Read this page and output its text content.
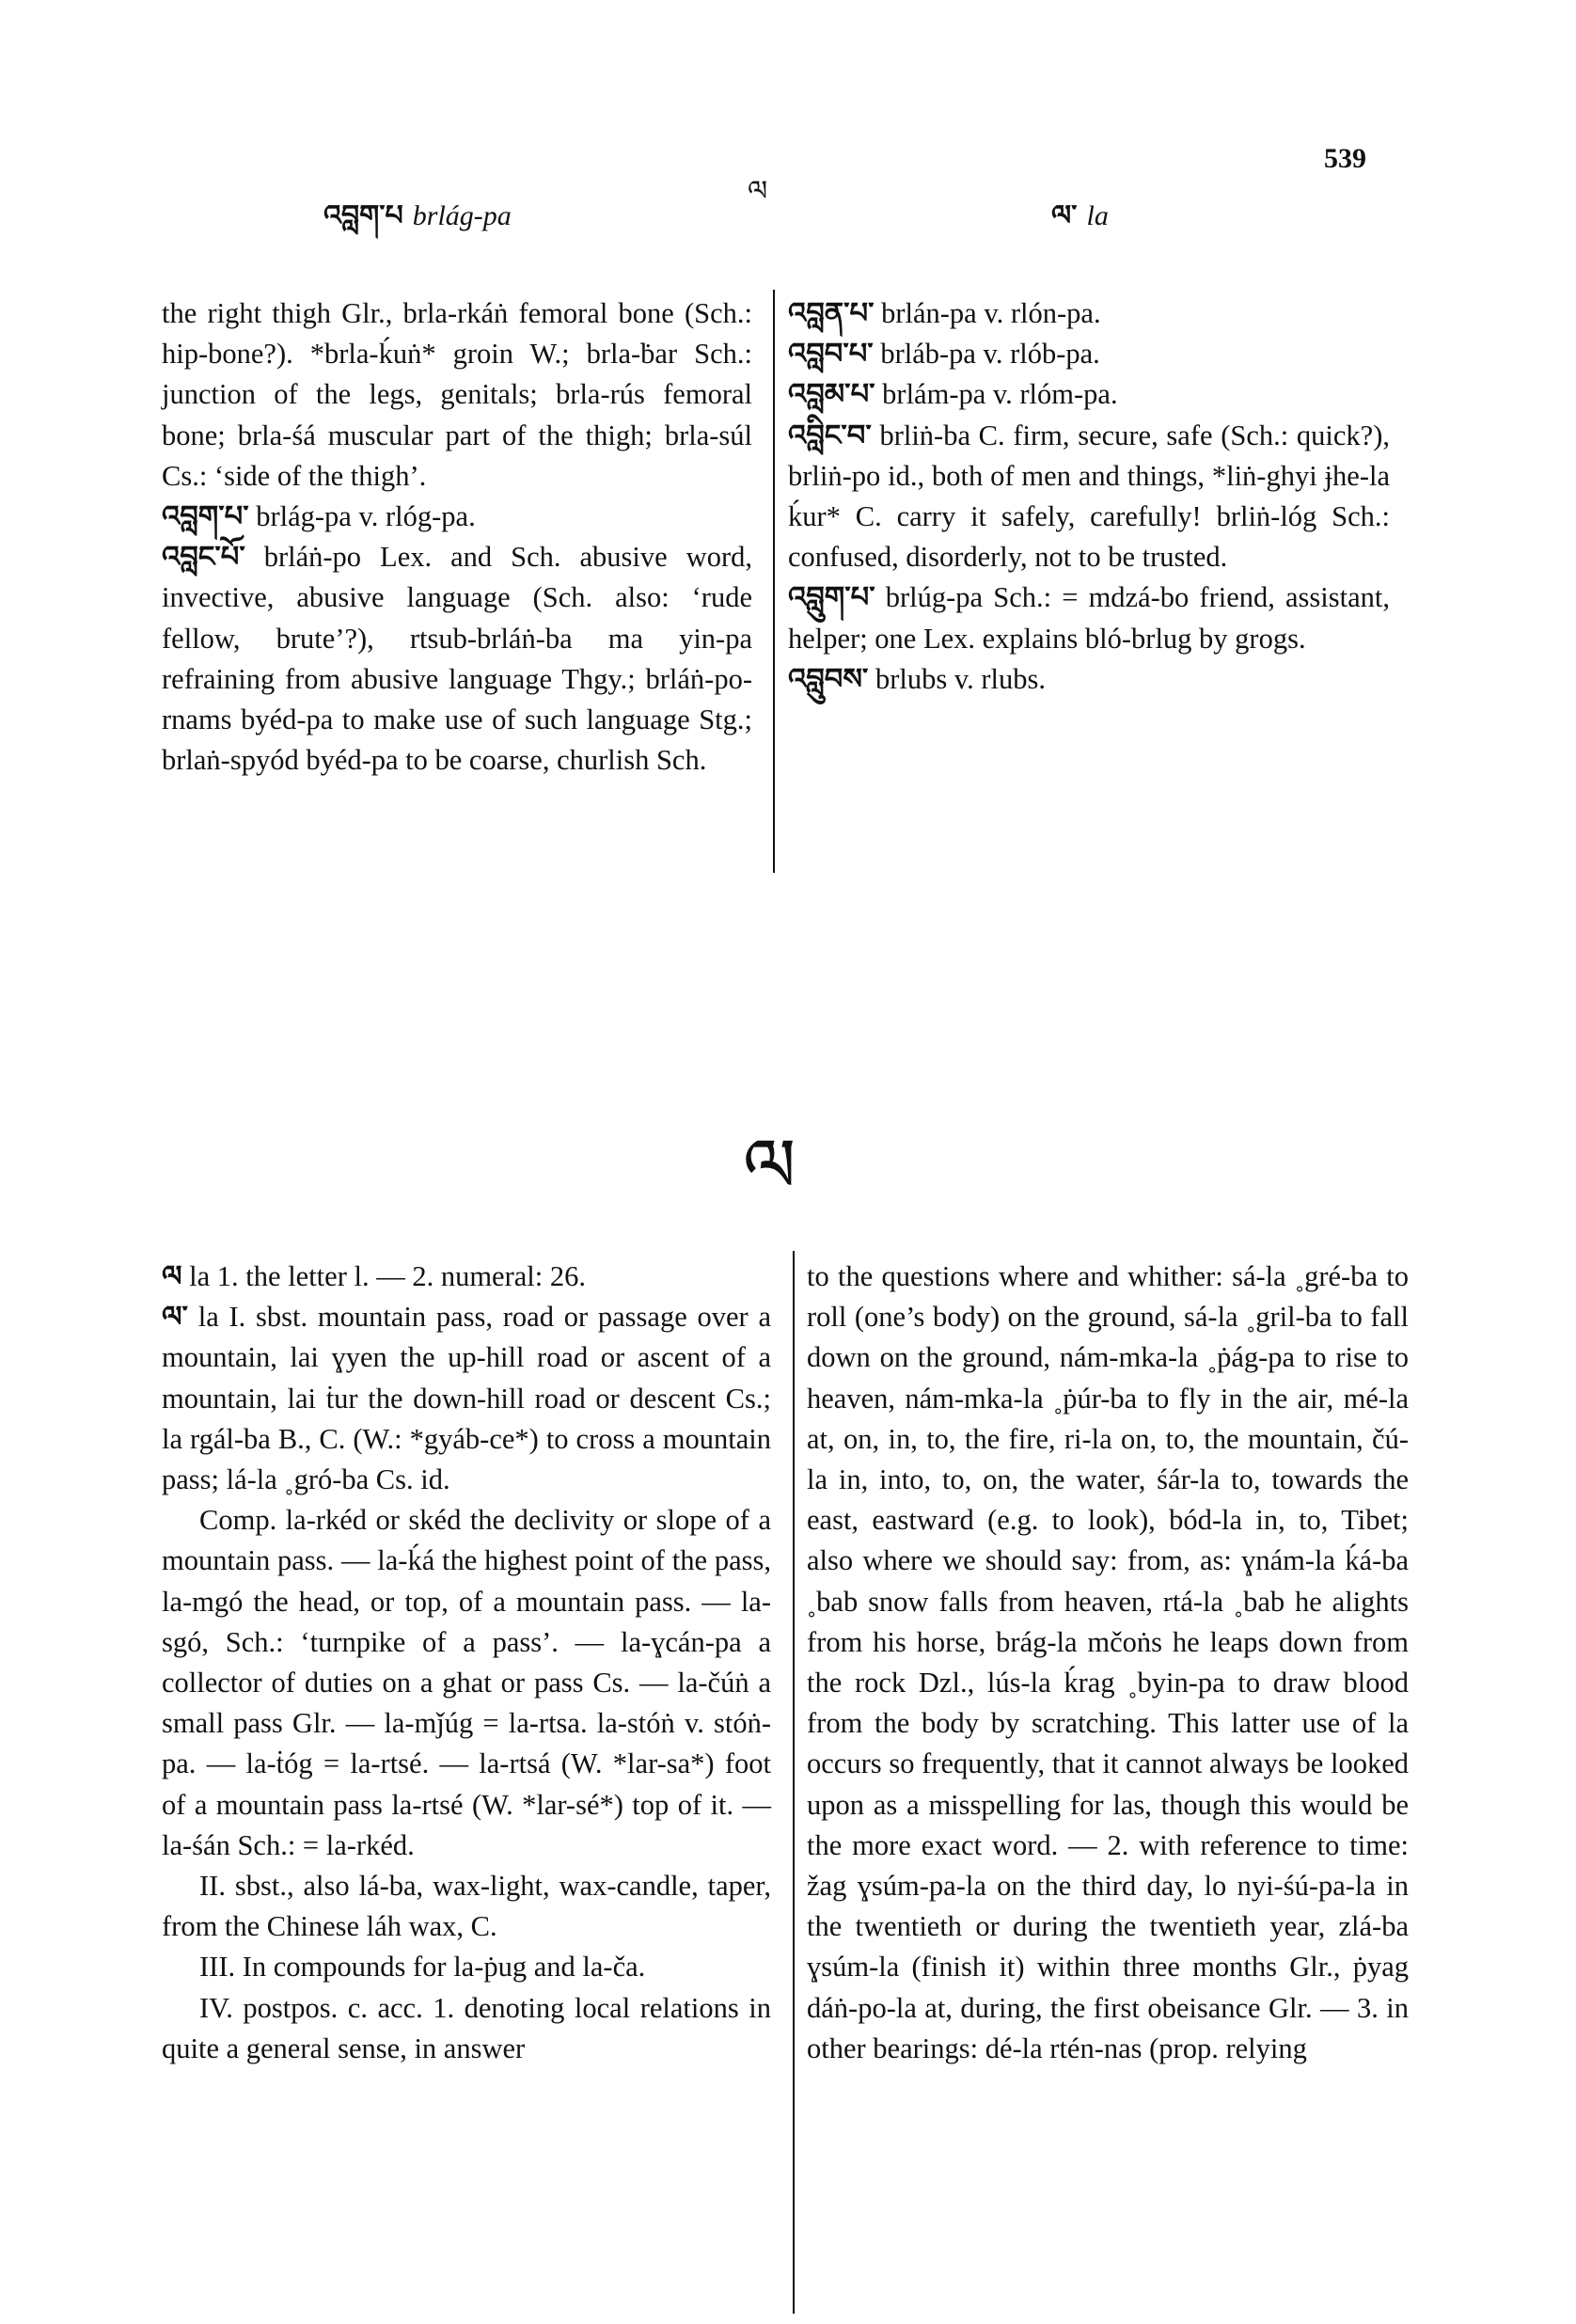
འབླག་པ brlág-pa
ལ
ལ་ la
539

the right thigh Glr., brla-rkáṅ femoral bone (Sch.: hip-bone?). *brla-ḱuṅ* groin W.; brla-ḃar Sch.: junction of the legs, genitals; brla-rús femoral bone; brla-śá muscular part of the thigh; brla-súl Cs.: ‘side of the thigh’.

འབླག་པ་ brlág-pa v. rlóg-pa.

འབླང་པོ་ brláṅ-po Lex. and Sch. abusive word, invective, abusive language (Sch. also: ‘rude fellow, brute’?), rtsub-brláṅ-ba ma yin-pa refraining from abusive language Thgy.; brláṅ-po-rnams byéd-pa to make use of such language Stg.; brlaṅ-spyód byéd-pa to be coarse, churlish Sch.

འབླན་པ་ brlán-pa v. rlón-pa.

འབླབ་པ་ brláb-pa v. rlób-pa.

འབླམ་པ་ brlám-pa v. rlóm-pa.

འབླིང་བ་ brliṅ-ba C. firm, secure, safe (Sch.: quick?), brliṅ-po id., both of men and things, *liṅ-ghyi ɉhe-la ḱur* C. carry it safely, carefully! brliṅ-lóg Sch.: confused, disorderly, not to be trusted.

འབླུག་པ་ brlúg-pa Sch.: = mdzá-bo friend, assistant, helper; one Lex. explains bló-brlug by grogs.

འབླུབས་ brlubs v. rlubs.

ལ

ལ la 1. the letter l. — 2. numeral: 26.

ལ་ la I. sbst. mountain pass, road or passage over a mountain, lai ɣyen the up-hill road or ascent of a mountain, lai ṫur the down-hill road or descent Cs.; la rgál-ba B., C. (W.: *gyáb-ce*) to cross a mountain pass; lá-la ˳gró-ba Cs. id.

Comp. la-rkéd or skéd the declivity or slope of a mountain pass. — la-ḱá the highest point of the pass, la-mgó the head, or top, of a mountain pass. — la-sgó, Sch.: ‘turnpike of a pass’. — la-ɣcán-pa a collector of duties on a ghat or pass Cs. — la-čúṅ a small pass Glr. — la-mǰúg = la-rtsa. la-stóṅ v. stóṅ-pa. — la-ṫóg = la-rtsé. — la-rtsá (W. *lar-sa*) foot of a mountain pass la-rtsé (W. *lar-sé*) top of it. — la-śán Sch.: = la-rkéd.

II. sbst., also lá-ba, wax-light, wax-candle, taper, from the Chinese láh wax, C.

III. In compounds for la-ṗug and la-ča.

IV. postpos. c. acc. 1. denoting local relations in quite a general sense, in answer

to the questions where and whither: sá-la ˳gré-ba to roll (one’s body) on the ground, sá-la ˳gril-ba to fall down on the ground, nám-mka-la ˳ṗág-pa to rise to heaven, nám-mka-la ˳ṗúr-ba to fly in the air, mé-la at, on, in, to, the fire, ri-la on, to, the mountain, čú-la in, into, to, on, the water, śár-la to, towards the east, eastward (e.g. to look), bód-la in, to, Tibet; also where we should say: from, as: ɣnám-la ḱá-ba ˳bab snow falls from heaven, rtá-la ˳bab he alights from his horse, brág-la mčoṅs he leaps down from the rock Dzl., lús-la ḱrag ˳byin-pa to draw blood from the body by scratching. This latter use of la occurs so frequently, that it cannot always be looked upon as a misspelling for las, though this would be the more exact word. — 2. with reference to time: žag ɣsúm-pa-la on the third day, lo nyi-śú-pa-la in the twentieth or during the twentieth year, zlá-ba ɣsúm-la (finish it) within three months Glr., ṗyag dáṅ-po-la at, during, the first obeisance Glr. — 3. in other bearings: dé-la rtén-nas (prop. relying
